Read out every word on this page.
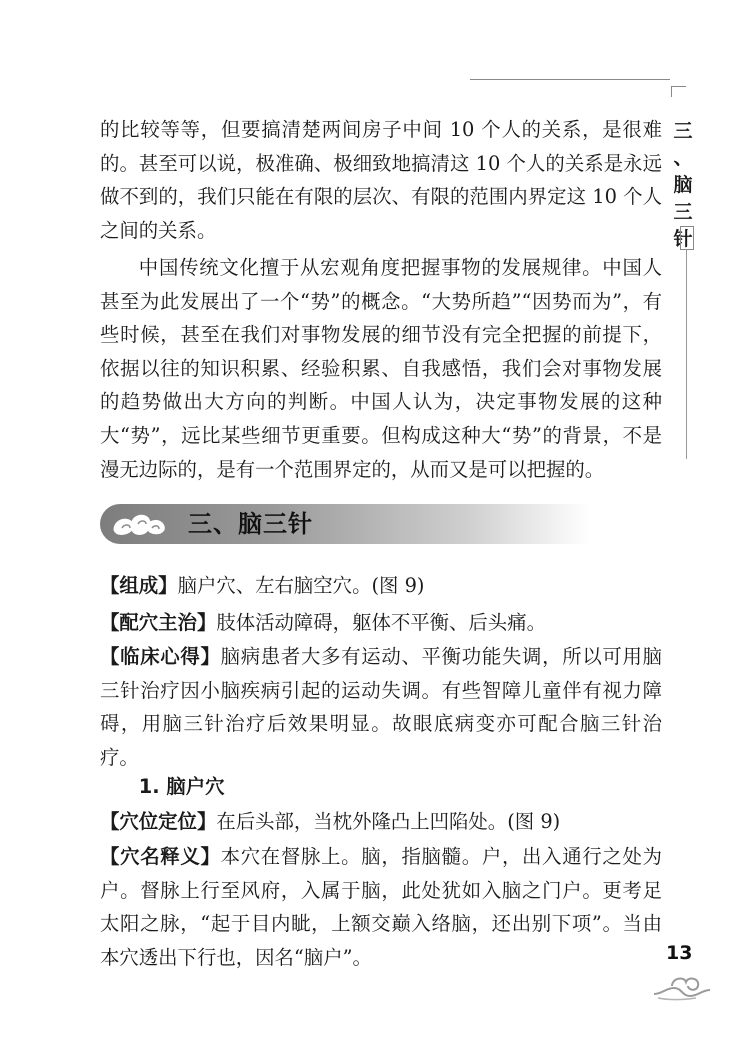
三
、
脑
三
针

的比较等等，但要搞清楚两间房子中间 10 个人的关系，是很难的。甚至可以说，极准确、极细致地搞清这 10 个人的关系是永远做不到的，我们只能在有限的层次、有限的范围内界定这 10 个人之间的关系。

中国传统文化擅于从宏观角度把握事物的发展规律。中国人甚至为此发展出了一个“势”的概念。“大势所趋”“因势而为”，有些时候，甚至在我们对事物发展的细节没有完全把握的前提下，依据以往的知识积累、经验积累、自我感悟，我们会对事物发展的趋势做出大方向的判断。中国人认为，决定事物发展的这种大“势”，远比某些细节更重要。但构成这种大“势”的背景，不是漫无边际的，是有一个范围界定的，从而又是可以把握的。

三、脑三针

【组成】脑户穴、左右脑空穴。(图 9)

【配穴主治】肢体活动障碍，躯体不平衡、后头痛。

【临床心得】脑病患者大多有运动、平衡功能失调，所以可用脑三针治疗因小脑疾病引起的运动失调。有些智障儿童伴有视力障碍，用脑三针治疗后效果明显。故眼底病变亦可配合脑三针治疗。

1. 脑户穴

【穴位定位】在后头部，当枕外隆凸上凹陷处。(图 9)

【穴名释义】本穴在督脉上。脑，指脑髓。户，出入通行之处为户。督脉上行至风府，入属于脑，此处犹如入脑之门户。更考足太阳之脉，“起于目内眦，上额交巅入络脑，还出别下项”。当由本穴透出下行也，因名“脑户”。	13
